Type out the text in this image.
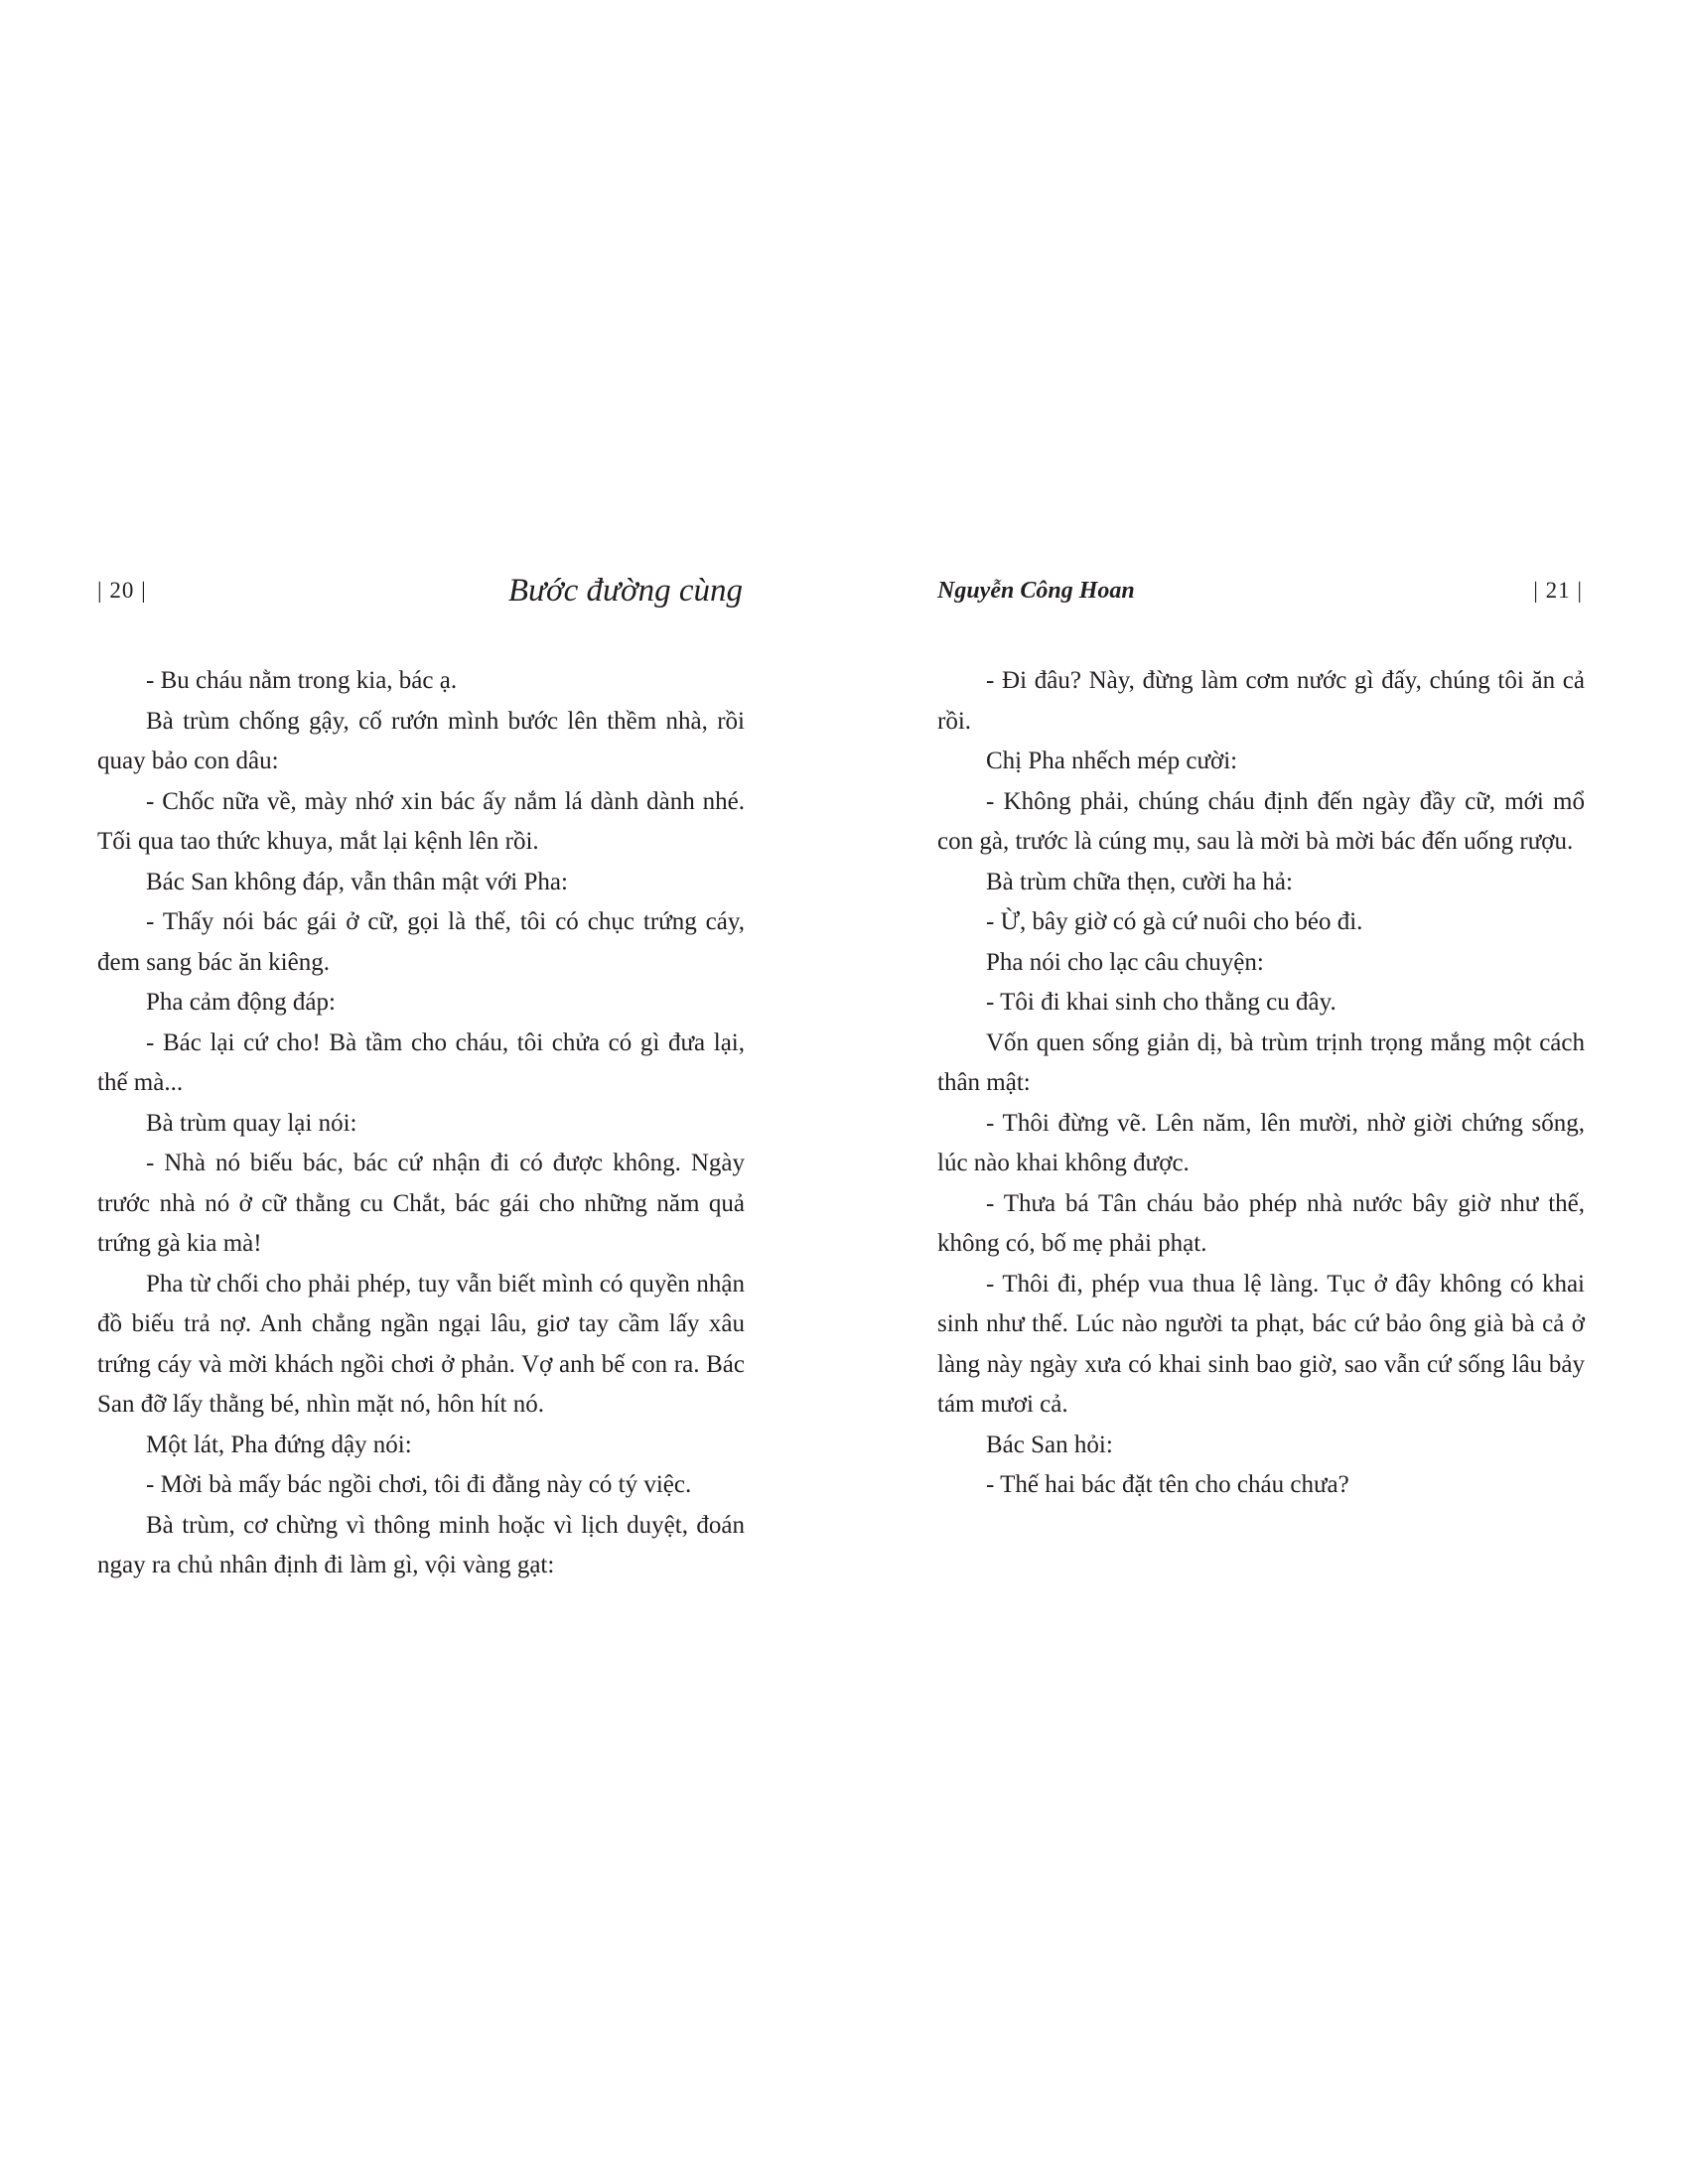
| 20 |	Bước đường cùng

- Bu cháu nằm trong kia, bác ạ.

Bà trùm chống gậy, cố rướn mình bước lên thềm nhà, rồi quay bảo con dâu:

- Chốc nữa về, mày nhớ xin bác ấy nắm lá dành dành nhé. Tối qua tao thức khuya, mắt lại kệnh lên rồi.

Bác San không đáp, vẫn thân mật với Pha:

- Thấy nói bác gái ở cữ, gọi là thế, tôi có chục trứng cáy, đem sang bác ăn kiêng.

Pha cảm động đáp:

- Bác lại cứ cho! Bà tầm cho cháu, tôi chửa có gì đưa lại, thế mà...

Bà trùm quay lại nói:

- Nhà nó biếu bác, bác cứ nhận đi có được không. Ngày trước nhà nó ở cữ thằng cu Chắt, bác gái cho những năm quả trứng gà kia mà!

Pha từ chối cho phải phép, tuy vẫn biết mình có quyền nhận đồ biếu trả nợ. Anh chẳng ngần ngại lâu, giơ tay cầm lấy xâu trứng cáy và mời khách ngồi chơi ở phản. Vợ anh bế con ra. Bác San đỡ lấy thằng bé, nhìn mặt nó, hôn hít nó.

Một lát, Pha đứng dậy nói:

- Mời bà mấy bác ngồi chơi, tôi đi đằng này có tý việc.

Bà trùm, cơ chừng vì thông minh hoặc vì lịch duyệt, đoán ngay ra chủ nhân định đi làm gì, vội vàng gạt:

Nguyễn Công Hoan	| 21 |

- Đi đâu? Này, đừng làm cơm nước gì đấy, chúng tôi ăn cả rồi.

Chị Pha nhếch mép cười:

- Không phải, chúng cháu định đến ngày đầy cữ, mới mổ con gà, trước là cúng mụ, sau là mời bà mời bác đến uống rượu.

Bà trùm chữa thẹn, cười ha hả:

- Ừ, bây giờ có gà cứ nuôi cho béo đi.

Pha nói cho lạc câu chuyện:

- Tôi đi khai sinh cho thằng cu đây.

Vốn quen sống giản dị, bà trùm trịnh trọng mắng một cách thân mật:

- Thôi đừng vẽ. Lên năm, lên mười, nhờ giời chứng sống, lúc nào khai không được.

- Thưa bá Tân cháu bảo phép nhà nước bây giờ như thế, không có, bố mẹ phải phạt.

- Thôi đi, phép vua thua lệ làng. Tục ở đây không có khai sinh như thế. Lúc nào người ta phạt, bác cứ bảo ông già bà cả ở làng này ngày xưa có khai sinh bao giờ, sao vẫn cứ sống lâu bảy tám mươi cả.

Bác San hỏi:

- Thế hai bác đặt tên cho cháu chưa?
